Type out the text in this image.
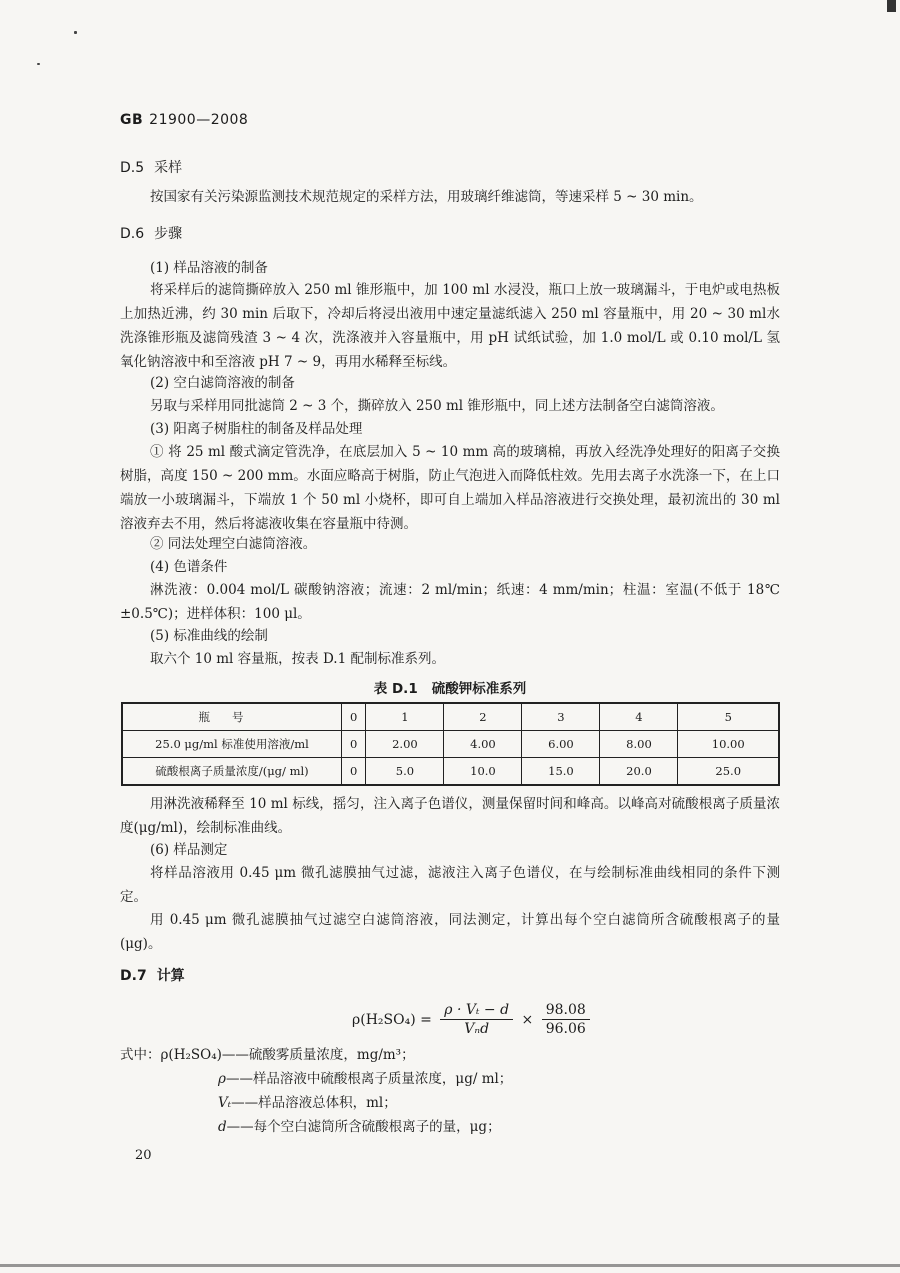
GB 21900—2008
D.5 采样
按国家有关污染源监测技术规范规定的采样方法，用玻璃纤维滤筒，等速采样 5 ~ 30 min。
D.6 步骤
(1) 样品溶液的制备
将采样后的滤筒撕碎放入 250 ml 锥形瓶中，加 100 ml 水浸没，瓶口上放一玻璃漏斗，于电炉或电热板上加热近沸，约 30 min 后取下，冷却后将浸出液用中速定量滤纸滤入 250 ml 容量瓶中，用 20 ~ 30 ml水洗涤锥形瓶及滤筒残渣 3 ~ 4 次，洗涤液并入容量瓶中，用 pH 试纸试验，加 1.0 mol/L 或 0.10 mol/L 氢氧化钠溶液中和至溶液 pH 7 ~ 9，再用水稀释至标线。
(2) 空白滤筒溶液的制备
另取与采样用同批滤筒 2 ~ 3 个，撕碎放入 250 ml 锥形瓶中，同上述方法制备空白滤筒溶液。
(3) 阳离子树脂柱的制备及样品处理
① 将 25 ml 酸式滴定管洗净，在底层加入 5 ~ 10 mm 高的玻璃棉，再放入经洗净处理好的阳离子交换树脂，高度 150 ~ 200 mm。水面应略高于树脂，防止气泡进入而降低柱效。先用去离子水洗涤一下，在上口端放一小玻璃漏斗，下端放 1 个 50 ml 小烧杯，即可自上端加入样品溶液进行交换处理，最初流出的 30 ml 溶液弃去不用，然后将滤液收集在容量瓶中待测。
② 同法处理空白滤筒溶液。
(4) 色谱条件
淋洗液：0.004 mol/L 碳酸钠溶液；流速：2 ml/min；纸速：4 mm/min；柱温：室温(不低于 18℃ ±0.5℃)；进样体积：100 μl。
(5) 标准曲线的绘制
取六个 10 ml 容量瓶，按表 D.1 配制标准系列。
表 D.1 硫酸钾标准系列
瓶号	0	1	2	3	4	5
25.0 μg/ml 标准使用溶液/ml	0	2.00	4.00	6.00	8.00	10.00
硫酸根离子质量浓度/(μg/ ml)	0	5.0	10.0	15.0	20.0	25.0
用淋洗液稀释至 10 ml 标线，摇匀，注入离子色谱仪，测量保留时间和峰高。以峰高对硫酸根离子质量浓度(μg/ml)，绘制标准曲线。
(6) 样品测定
将样品溶液用 0.45 μm 微孔滤膜抽气过滤，滤液注入离子色谱仪，在与绘制标准曲线相同的条件下测定。
用 0.45 μm 微孔滤膜抽气过滤空白滤筒溶液，同法测定，计算出每个空白滤筒所含硫酸根离子的量(μg)。
D.7 计算
$\rho(H_2SO_4) = \frac{\text{ρ · Vₜ − d}}{\text{Vₙd}} \times \frac{98.08}{96.06}$
式中：ρ(H₂SO₄)——硫酸雾质量浓度，mg/m³；
ρ——样品溶液中硫酸根离子质量浓度，μg/ ml；
Vₜ——样品溶液总体积，ml；
d——每个空白滤筒所含硫酸根离子的量，μg；
20
